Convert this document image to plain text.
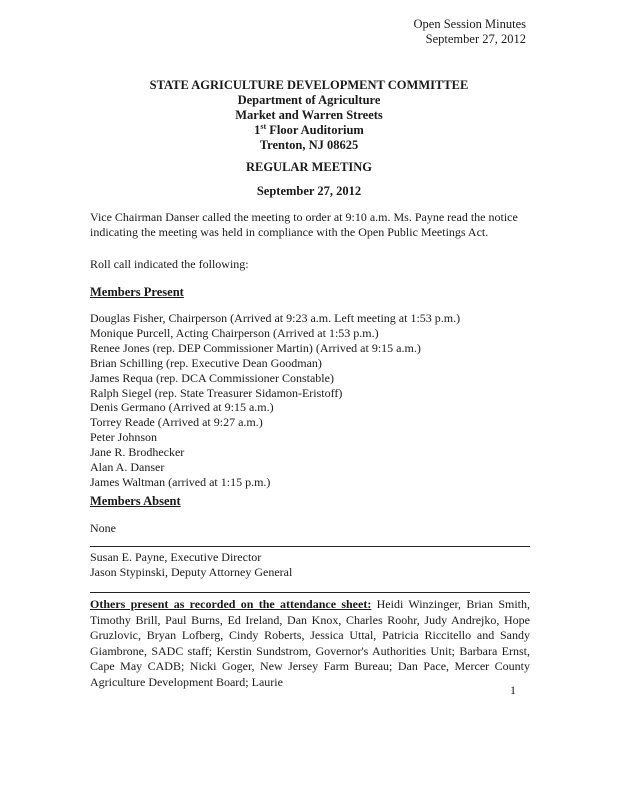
Open Session Minutes
September 27, 2012
STATE AGRICULTURE DEVELOPMENT COMMITTEE
Department of Agriculture
Market and Warren Streets
1st Floor Auditorium
Trenton, NJ 08625
REGULAR MEETING
September 27, 2012
Vice Chairman Danser called the meeting to order at 9:10 a.m. Ms. Payne read the notice indicating the meeting was held in compliance with the Open Public Meetings Act.
Roll call indicated the following:
Members Present
Douglas Fisher, Chairperson (Arrived at 9:23 a.m. Left meeting at 1:53 p.m.)
Monique Purcell, Acting Chairperson (Arrived at 1:53 p.m.)
Renee Jones (rep. DEP Commissioner Martin) (Arrived at 9:15 a.m.)
Brian Schilling (rep. Executive Dean Goodman)
James Requa (rep. DCA Commissioner Constable)
Ralph Siegel (rep. State Treasurer Sidamon-Eristoff)
Denis Germano (Arrived at 9:15 a.m.)
Torrey Reade (Arrived at 9:27 a.m.)
Peter Johnson
Jane R. Brodhecker
Alan A. Danser
James Waltman (arrived at 1:15 p.m.)
Members Absent
None
Susan E. Payne, Executive Director
Jason Stypinski, Deputy Attorney General
Others present as recorded on the attendance sheet: Heidi Winzinger, Brian Smith, Timothy Brill, Paul Burns, Ed Ireland, Dan Knox, Charles Roohr, Judy Andrejko, Hope Gruzlovic, Bryan Lofberg, Cindy Roberts, Jessica Uttal, Patricia Riccitello and Sandy Giambrone, SADC staff; Kerstin Sundstrom, Governor's Authorities Unit; Barbara Ernst, Cape May CADB; Nicki Goger, New Jersey Farm Bureau; Dan Pace, Mercer County Agriculture Development Board; Laurie
1
